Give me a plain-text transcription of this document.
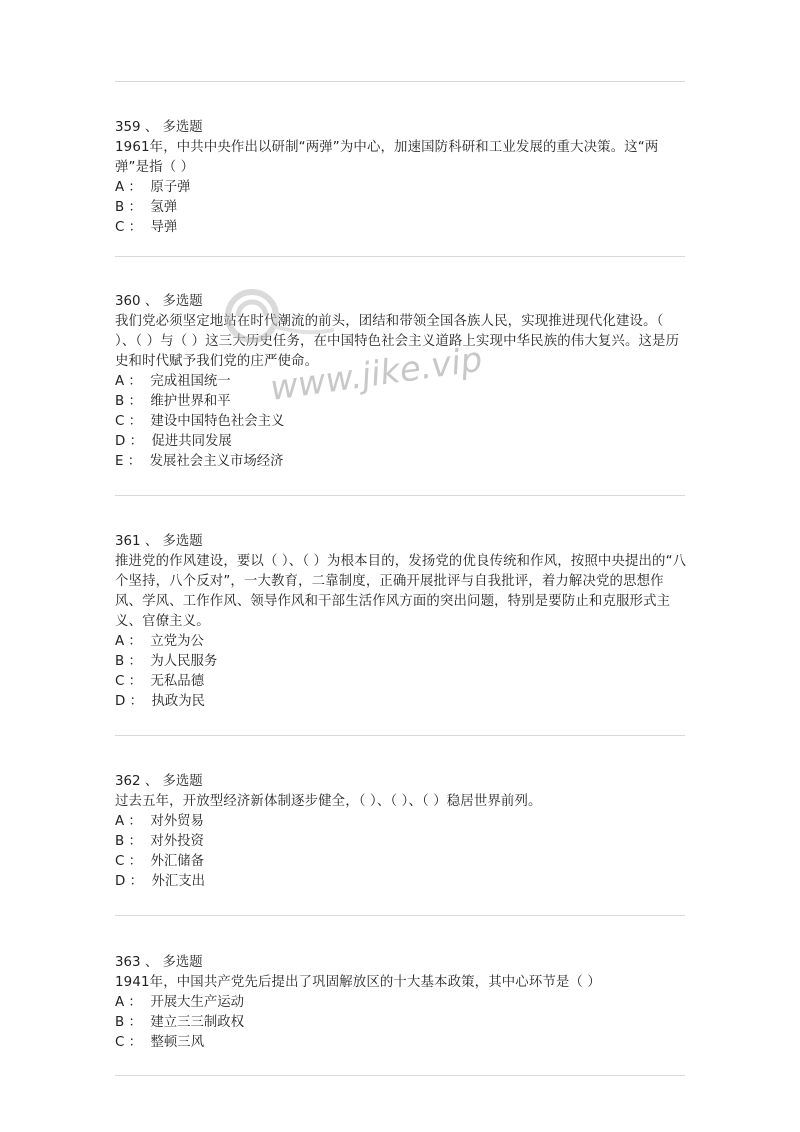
359 、 多选题

1961年，中共中央作出以研制“两弹”为中心，加速国防科研和工业发展的重大决策。这“两弹”是指（ ）

A ：  原子弹

B ：  氢弹

C ：  导弹

360 、 多选题

我们党必须坚定地站在时代潮流的前头，团结和带领全国各族人民，实现推进现代化建设。（ ）、（ ）与（ ）这三大历史任务，在中国特色社会主义道路上实现中华民族的伟大复兴。这是历史和时代赋予我们党的庄严使命。

A ：  完成祖国统一

B ：  维护世界和平

C ：  建设中国特色社会主义

D ：  促进共同发展

E ：  发展社会主义市场经济

361 、 多选题

推进党的作风建设，要以（ ）、（ ）为根本目的，发扬党的优良传统和作风，按照中央提出的“八个坚持，八个反对”，一大教育，二靠制度，正确开展批评与自我批评，着力解决党的思想作风、学风、工作作风、领导作风和干部生活作风方面的突出问题，特别是要防止和克服形式主义、官僚主义。

A ：  立党为公

B ：  为人民服务

C ：  无私品德

D ：  执政为民

362 、 多选题

过去五年，开放型经济新体制逐步健全，（ ）、（ ）、（ ）稳居世界前列。

A ：  对外贸易

B ：  对外投资

C ：  外汇储备

D ：  外汇支出

363 、 多选题

1941年，中国共产党先后提出了巩固解放区的十大基本政策，其中心环节是（ ）

A ：  开展大生产运动

B ：  建立三三制政权

C ：  整顿三风

www.jike.vip
